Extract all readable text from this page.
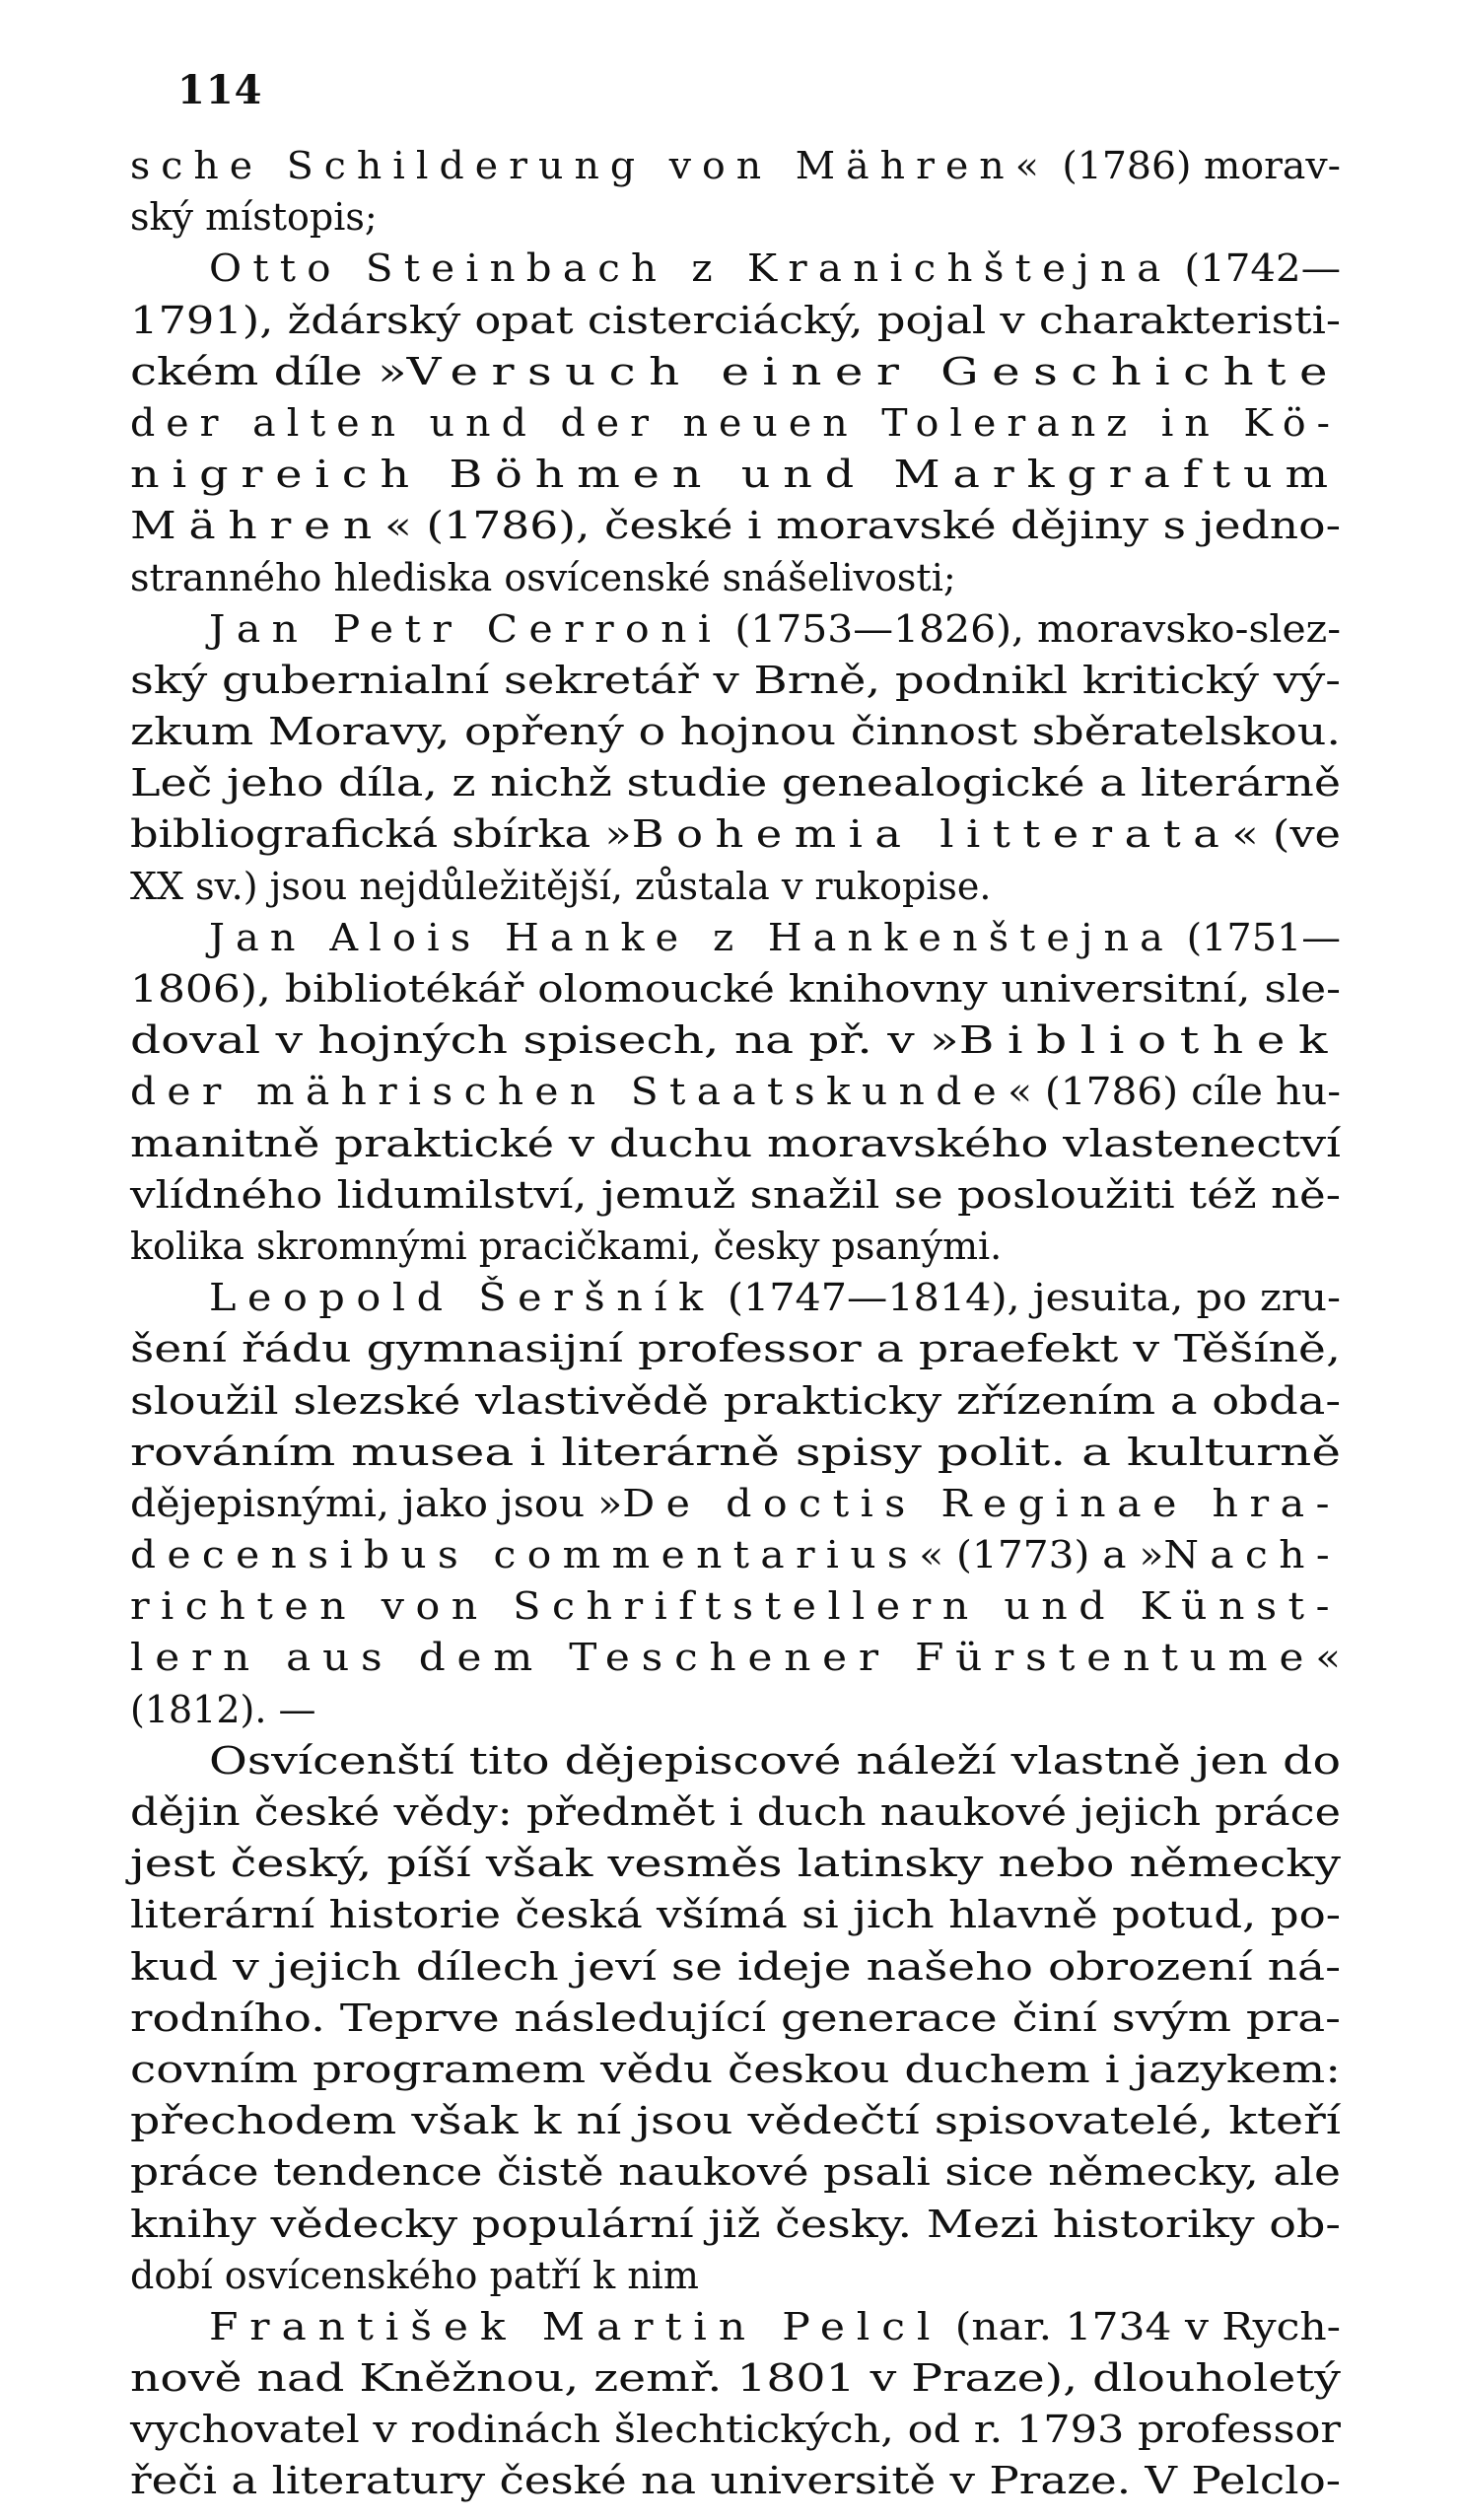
114
sche Schilderung von Mähren« (1786) morav-
ský místopis;
Otto Steinbach z Kranichštejna (1742—
1791), ždárský opat cisterciácký, pojal v charakteristi-
ckém díle »Versuch einer Geschichte
der alten und der neuen Toleranz in Kö-
nigreich Böhmen und Markgraftum
Mähren« (1786), české i moravské dějiny s jedno-
stranného hlediska osvícenské snášelivosti;
Jan Petr Cerroni (1753—1826), moravsko-slez-
ský gubernialní sekretář v Brně, podnikl kritický vý-
zkum Moravy, opřený o hojnou činnost sběratelskou.
Leč jeho díla, z nichž studie genealogické a literárně
bibliografická sbírka »Bohemia litterata« (ve
XX sv.) jsou nejdůležitější, zůstala v rukopise.
Jan Alois Hanke z Hankenštejna (1751—
1806), bibliotékář olomoucké knihovny universitní, sle-
doval v hojných spisech, na př. v »Bibliothek
der mährischen Staatskunde« (1786) cíle hu-
manitně praktické v duchu moravského vlastenectví
vlídného lidumilství, jemuž snažil se posloužiti též ně-
kolika skromnými pracičkami, česky psanými.
Leopold Šeršník (1747—1814), jesuita, po zru-
šení řádu gymnasijní professor a praefekt v Těšíně,
sloužil slezské vlastivědě prakticky zřízením a obda-
rováním musea i literárně spisy polit. a kulturně
dějepisnými, jako jsou »De doctis Reginae hra-
decensibus commentarius« (1773) a »Nach-
richten von Schriftstellern und Künst-
lern aus dem Teschener Fürstentume«
(1812). —
Osvícenští tito dějepiscové náleží vlastně jen do
dějin české vědy: předmět i duch naukové jejich práce
jest český, píší však vesměs latinsky nebo německy
literární historie česká všímá si jich hlavně potud, po-
kud v jejich dílech jeví se ideje našeho obrození ná-
rodního. Teprve následující generace činí svým pra-
covním programem vědu českou duchem i jazykem:
přechodem však k ní jsou vědečtí spisovatelé, kteří
práce tendence čistě naukové psali sice německy, ale
knihy vědecky populární již česky. Mezi historiky ob-
dobí osvícenského patří k nim
František Martin Pelcl (nar. 1734 v Rych-
nově nad Kněžnou, zemř. 1801 v Praze), dlouholetý
vychovatel v rodinách šlechtických, od r. 1793 professor
řeči a literatury české na universitě v Praze. V Pelclo-
